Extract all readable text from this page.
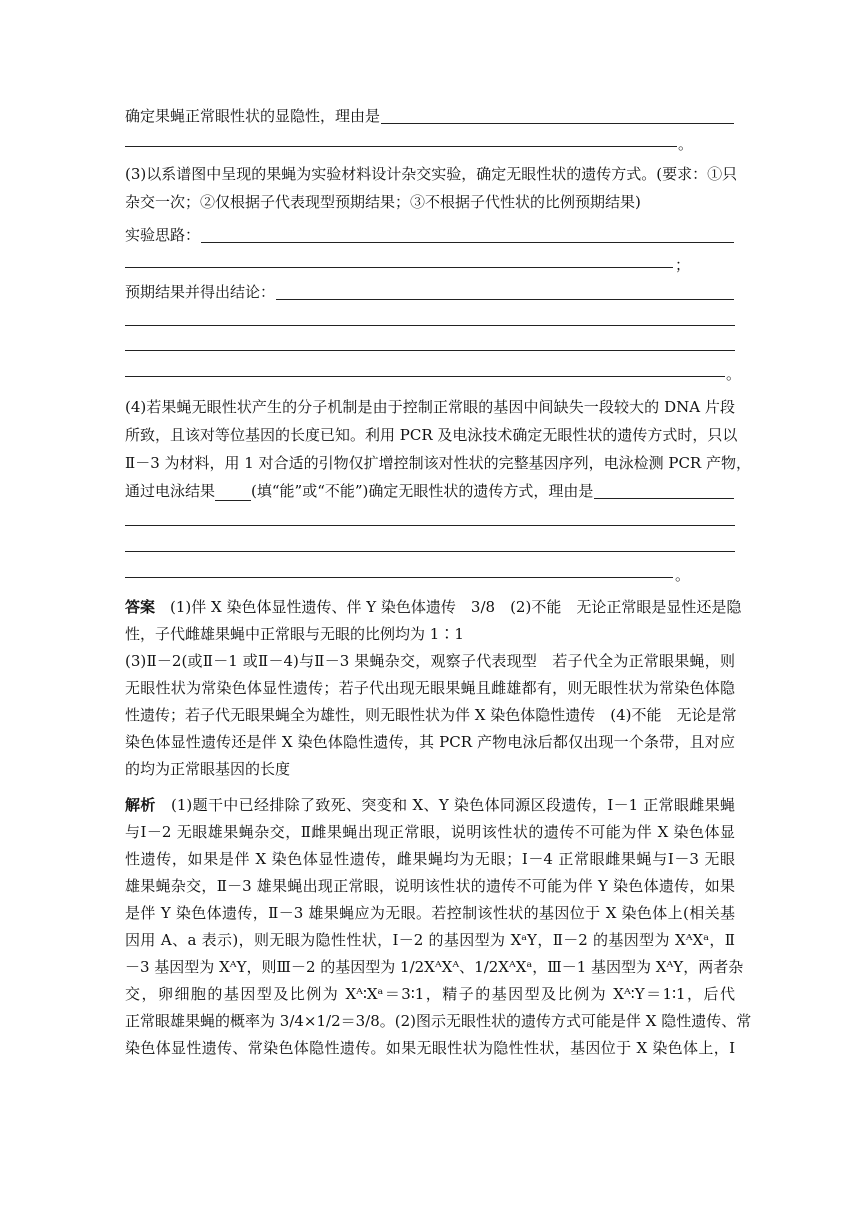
确定果蝇正常眼性状的显隐性，理由是
。
(3)以系谱图中呈现的果蝇为实验材料设计杂交实验，确定无眼性状的遗传方式。(要求：①只
杂交一次；②仅根据子代表现型预期结果；③不根据子代性状的比例预期结果)
实验思路：
；
预期结果并得出结论：
。
(4)若果蝇无眼性状产生的分子机制是由于控制正常眼的基因中间缺失一段较大的 DNA 片段
所致，且该对等位基因的长度已知。利用 PCR 及电泳技术确定无眼性状的遗传方式时，只以
Ⅱ－3 为材料，用 1 对合适的引物仅扩增控制该对性状的完整基因序列，电泳检测 PCR 产物，
通过电泳结果 (填“能”或“不能”)确定无眼性状的遗传方式，理由是
。
答案　 (1)伴 X 染色体显性遗传、伴 Y 染色体遗传　3/8　(2)不能　无论正常眼是显性还是隐
性，子代雌雄果蝇中正常眼与无眼的比例均为 1∶1
(3)Ⅱ－2(或Ⅱ－1 或Ⅱ－4)与Ⅱ－3 果蝇杂交，观察子代表现型　若子代全为正常眼果蝇，则
无眼性状为常染色体显性遗传；若子代出现无眼果蝇且雌雄都有，则无眼性状为常染色体隐
性遗传；若子代无眼果蝇全为雄性，则无眼性状为伴 X 染色体隐性遗传　(4)不能　无论是常
染色体显性遗传还是伴 X 染色体隐性遗传，其 PCR 产物电泳后都仅出现一个条带，且对应
的均为正常眼基因的长度
解析　 (1)题干中已经排除了致死、突变和 X、Y 染色体同源区段遗传，Ⅰ－1 正常眼雌果蝇
与Ⅰ－2 无眼雄果蝇杂交，Ⅱ雌果蝇出现正常眼，说明该性状的遗传不可能为伴 X 染色体显
性遗传，如果是伴 X 染色体显性遗传，雌果蝇均为无眼；Ⅰ－4 正常眼雌果蝇与Ⅰ－3 无眼
雄果蝇杂交，Ⅱ－3 雄果蝇出现正常眼，说明该性状的遗传不可能为伴 Y 染色体遗传，如果
是伴 Y 染色体遗传，Ⅱ－3 雄果蝇应为无眼。若控制该性状的基因位于 X 染色体上(相关基
因用 A、a 表示)，则无眼为隐性性状，Ⅰ－2 的基因型为 XᵃY，Ⅱ－2 的基因型为 XᴬXᵃ，Ⅱ
－3 基因型为 XᴬY，则Ⅲ－2 的基因型为 1/2XᴬXᴬ、1/2XᴬXᵃ，Ⅲ－1 基因型为 XᴬY，两者杂
交，卵细胞的基因型及比例为 Xᴬ∶Xᵃ＝3∶1，精子的基因型及比例为 Xᴬ∶Y＝1∶1，后代
正常眼雄果蝇的概率为 3/4×1/2＝3/8。(2)图示无眼性状的遗传方式可能是伴 X 隐性遗传、常
染色体显性遗传、常染色体隐性遗传。如果无眼性状为隐性性状，基因位于 X 染色体上，Ⅰ
